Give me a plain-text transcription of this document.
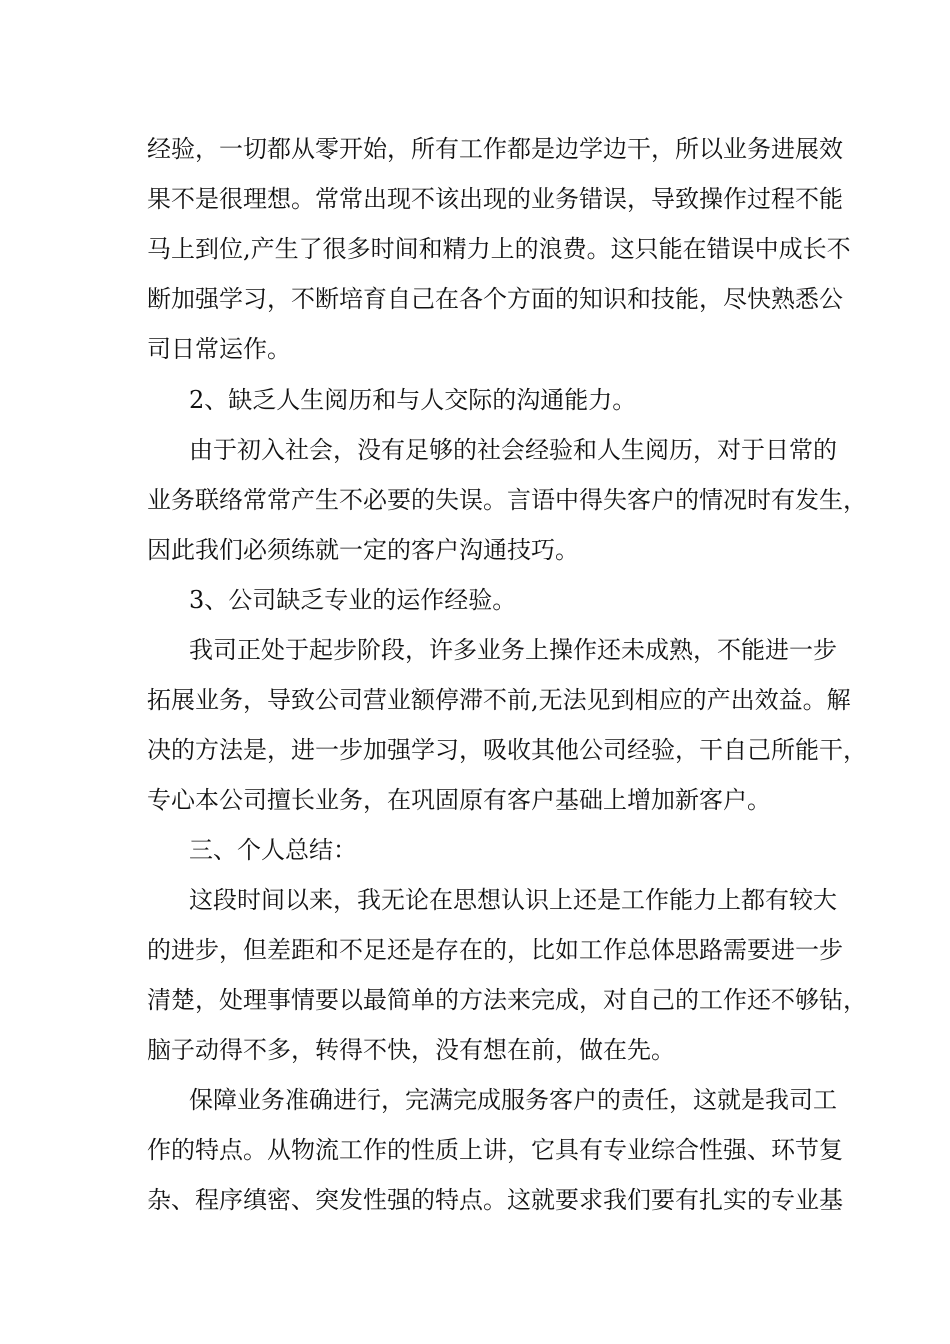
经验，一切都从零开始，所有工作都是边学边干，所以业务进展效
果不是很理想。常常出现不该出现的业务错误，导致操作过程不能
马上到位,产生了很多时间和精力上的浪费。这只能在错误中成长不
断加强学习，不断培育自己在各个方面的知识和技能，尽快熟悉公
司日常运作。
2、缺乏人生阅历和与人交际的沟通能力。
由于初入社会，没有足够的社会经验和人生阅历，对于日常的
业务联络常常产生不必要的失误。言语中得失客户的情况时有发生，
因此我们必须练就一定的客户沟通技巧。
3、公司缺乏专业的运作经验。
我司正处于起步阶段，许多业务上操作还未成熟，不能进一步
拓展业务，导致公司营业额停滞不前,无法见到相应的产出效益。解
决的方法是，进一步加强学习，吸收其他公司经验，干自己所能干，
专心本公司擅长业务，在巩固原有客户基础上增加新客户。
三、个人总结：
这段时间以来，我无论在思想认识上还是工作能力上都有较大
的进步，但差距和不足还是存在的，比如工作总体思路需要进一步
清楚，处理事情要以最简单的方法来完成，对自己的工作还不够钻，
脑子动得不多，转得不快，没有想在前，做在先。
保障业务准确进行，完满完成服务客户的责任，这就是我司工
作的特点。从物流工作的性质上讲，它具有专业综合性强、环节复
杂、程序缜密、突发性强的特点。这就要求我们要有扎实的专业基
